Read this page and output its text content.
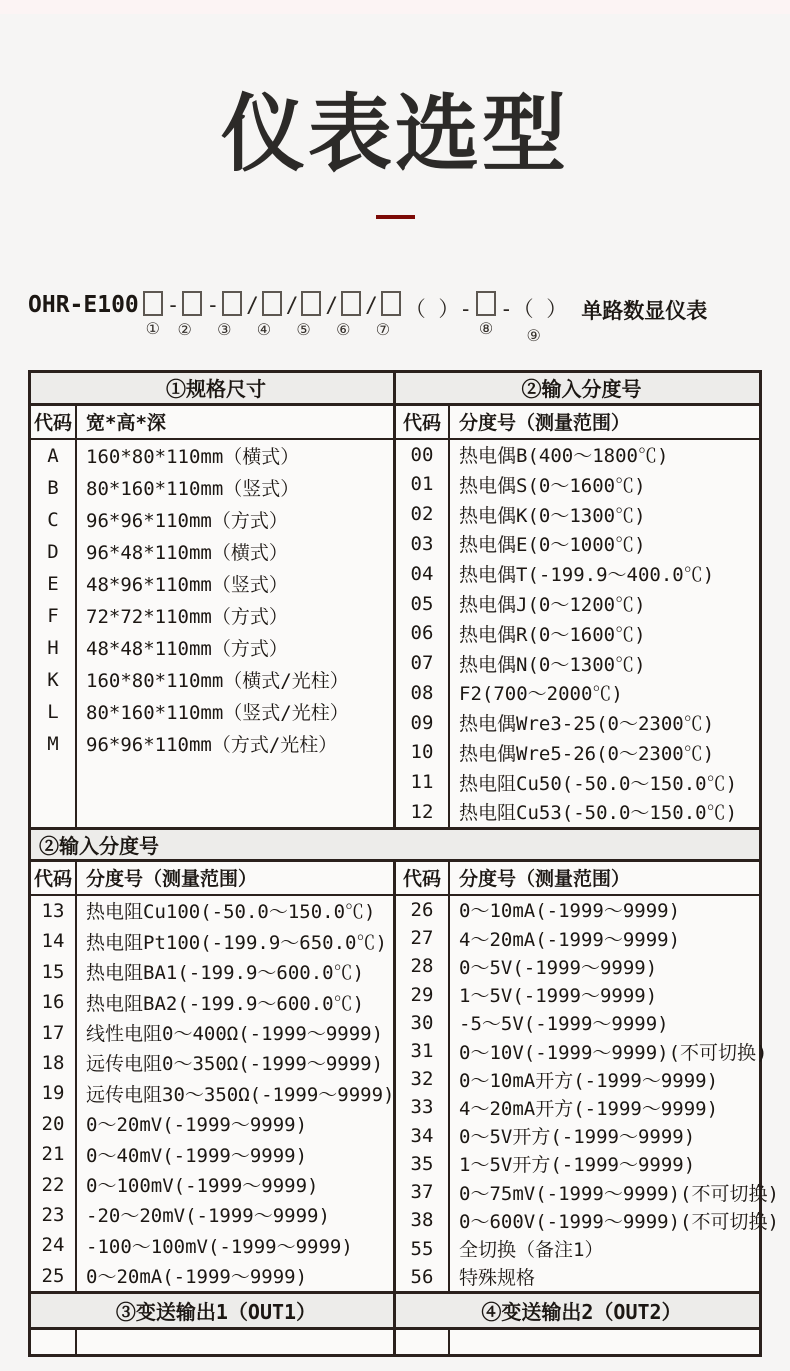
仪表选型
OHR-E100
①
-
②
-
③
/
④
/
⑤
/
⑥
/
⑦
（ ）-
⑧
-（ ）
⑨
单路数显仪表
①规格尺寸	②输入分度号
代码 宽*高*深	代码 分度号（测量范围）
A	160*80*110mm（横式）
B	80*160*110mm（竖式）
C	96*96*110mm（方式）
D	96*48*110mm（横式）
E	48*96*110mm（竖式）
F	72*72*110mm（方式）
H	48*48*110mm（方式）
K	160*80*110mm（横式/光柱）
L	80*160*110mm（竖式/光柱）
M	96*96*110mm（方式/光柱）
00	热电偶B(400～1800℃)
01	热电偶S(0～1600℃)
02	热电偶K(0～1300℃)
03	热电偶E(0～1000℃)
04	热电偶T(-199.9～400.0℃)
05	热电偶J(0～1200℃)
06	热电偶R(0～1600℃)
07	热电偶N(0～1300℃)
08	F2(700～2000℃)
09	热电偶Wre3-25(0～2300℃)
10	热电偶Wre5-26(0～2300℃)
11	热电阻Cu50(-50.0～150.0℃)
12	热电阻Cu53(-50.0～150.0℃)
②输入分度号
代码 分度号（测量范围）	代码 分度号（测量范围）
13	热电阻Cu100(-50.0～150.0℃)
14	热电阻Pt100(-199.9～650.0℃)
15	热电阻BA1(-199.9～600.0℃)
16	热电阻BA2(-199.9～600.0℃)
17	线性电阻0～400Ω(-1999～9999)
18	远传电阻0～350Ω(-1999～9999)
19	远传电阻30～350Ω(-1999～9999)
20	0～20mV(-1999～9999)
21	0～40mV(-1999～9999)
22	0～100mV(-1999～9999)
23	-20～20mV(-1999～9999)
24	-100～100mV(-1999～9999)
25	0～20mA(-1999～9999)
26	0～10mA(-1999～9999)
27	4～20mA(-1999～9999)
28	0～5V(-1999～9999)
29	1～5V(-1999～9999)
30	-5～5V(-1999～9999)
31	0～10V(-1999～9999)(不可切换)
32	0～10mA开方(-1999～9999)
33	4～20mA开方(-1999～9999)
34	0～5V开方(-1999～9999)
35	1～5V开方(-1999～9999)
37	0～75mV(-1999～9999)(不可切换)
38	0～600V(-1999～9999)(不可切换)
55	全切换（备注1）
56	特殊规格
③变送输出1（OUT1）	④变送输出2（OUT2）
